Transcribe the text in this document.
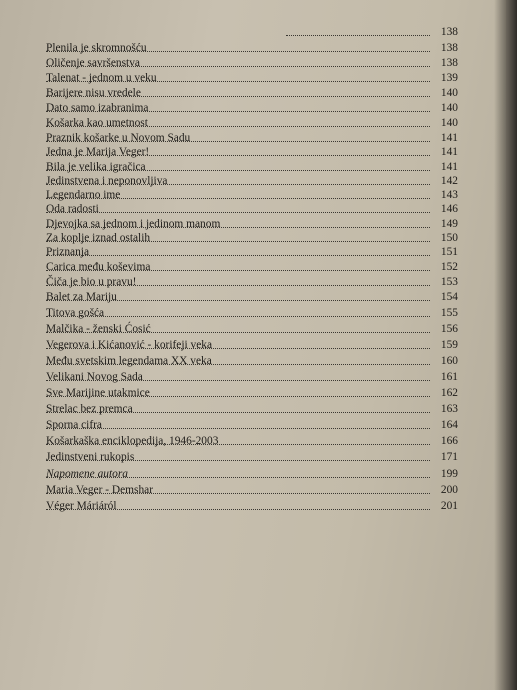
138
Plenila je skromnošću	138
Oličenje savršenstva	138
Talenat - jednom u veku	139
Barijere nisu vredele	140
Dato samo izabranima	140
Košarka kao umetnost	140
Praznik košarke u Novom Sadu	141
Jedna je Marija Veger!	141
Bila je velika igračica	141
Jedinstvena i neponovljiva	142
Legendarno ime	143
Oda radosti	146
Djevojka sa jednom i jedinom manom	149
Za koplje iznad ostalih	150
Priznanja	151
Carica među koševima	152
Čiča je bio u pravu!	153
Balet za Mariju	154
Titova gošća	155
Malčika - ženski Ćosić	156
Vegerova i Kićanović - korifeji veka	159
Među svetskim legendama XX veka	160
Velikani Novog Sada	161
Sve Marijine utakmice	162
Strelac bez premca	163
Sporna cifra	164
Košarkaška enciklopedija, 1946-2003	166
Jedinstveni rukopis	171
Napomene autora	199
Maria Veger - Demshar	200
Véger Máriáról	201
